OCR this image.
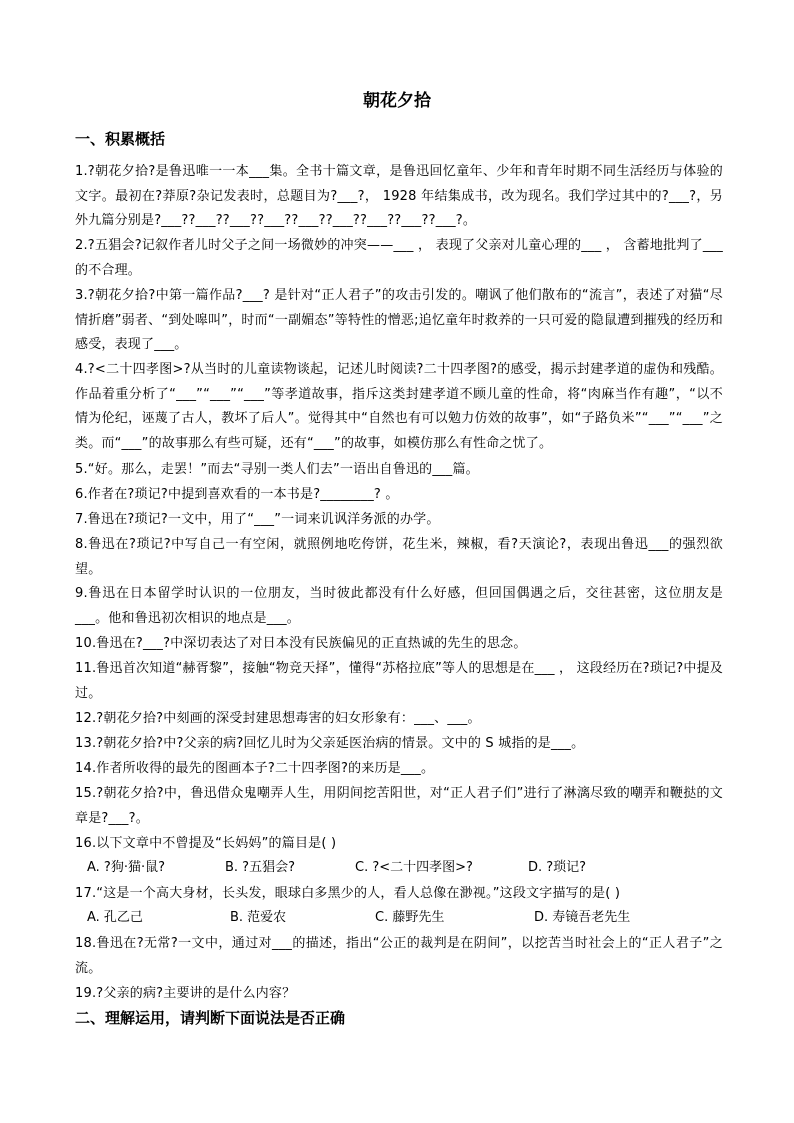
朝花夕拾
一、积累概括
1.?朝花夕拾?是鲁迅唯一一本___集。全书十篇文章，是鲁迅回忆童年、少年和青年时期不同生活经历与体验的文字。最初在?莽原?杂记发表时，总题目为?___?， 1928 年结集成书，改为现名。我们学过其中的?___?，另外九篇分别是?___??___??___??___??___??___??___??___??___?。
2.?五猖会?记叙作者儿时父子之间一场微妙的冲突——___ ， 表现了父亲对儿童心理的___ ， 含蓄地批判了___的不合理。
3.?朝花夕拾?中第一篇作品?___? 是针对“正人君子”的攻击引发的。嘲讽了他们散布的“流言”，表述了对猫“尽情折磨”弱者、“到处嗥叫”，时而“一副媚态”等特性的憎恶;追忆童年时救养的一只可爱的隐鼠遭到摧残的经历和感受，表现了___。
4.?<二十四孝图>?从当时的儿童读物谈起，记述儿时阅读?二十四孝图?的感受，揭示封建孝道的虚伪和残酷。作品着重分析了“___”“___”“___”等孝道故事，指斥这类封建孝道不顾儿童的性命，将“肉麻当作有趣”，“以不情为伦纪，诬蔑了古人，教坏了后人”。觉得其中“自然也有可以勉力仿效的故事”，如“子路负米”“___”“___”之类。而“___”的故事那么有些可疑，还有“___”的故事，如模仿那么有性命之忧了。
5.“好。那么，走罢！”而去“寻别一类人们去”一语出自鲁迅的___篇。
6.作者在?琐记?中提到喜欢看的一本书是?________? 。
7.鲁迅在?琐记?一文中，用了“___”一词来讥讽洋务派的办学。
8.鲁迅在?琐记?中写自己一有空闲，就照例地吃侉饼，花生米，辣椒，看?天演论?，表现出鲁迅___的强烈欲望。
9.鲁迅在日本留学时认识的一位朋友，当时彼此都没有什么好感，但回国偶遇之后，交往甚密，这位朋友是___。他和鲁迅初次相识的地点是___。
10.鲁迅在?___?中深切表达了对日本没有民族偏见的正直热诚的先生的思念。
11.鲁迅首次知道“赫胥黎”，接触“物竞天择”，懂得“苏格拉底”等人的思想是在___ ， 这段经历在?琐记?中提及过。
12.?朝花夕拾?中刻画的深受封建思想毒害的妇女形象有：___、___。
13.?朝花夕拾?中?父亲的病?回忆儿时为父亲延医治病的情景。文中的 S 城指的是___。
14.作者所收得的最先的图画本子?二十四孝图?的来历是___。
15.?朝花夕拾?中，鲁迅借众鬼嘲弄人生，用阴间挖苦阳世，对“正人君子们”进行了淋漓尽致的嘲弄和鞭挞的文章是?___?。
16.以下文章中不曾提及“长妈妈”的篇目是( )
A. ?狗·猫·鼠?	B. ?五猖会?	C. ?<二十四孝图>?	D. ?琐记?
17.“这是一个高大身材，长头发，眼球白多黑少的人，看人总像在渺视。”这段文字描写的是( )
A. 孔乙己	B. 范爱农	C. 藤野先生	D. 寿镜吾老先生
18.鲁迅在?无常?一文中，通过对___的描述，指出“公正的裁判是在阴间”，以挖苦当时社会上的“正人君子”之流。
19.?父亲的病?主要讲的是什么内容？
二、理解运用，请判断下面说法是否正确
